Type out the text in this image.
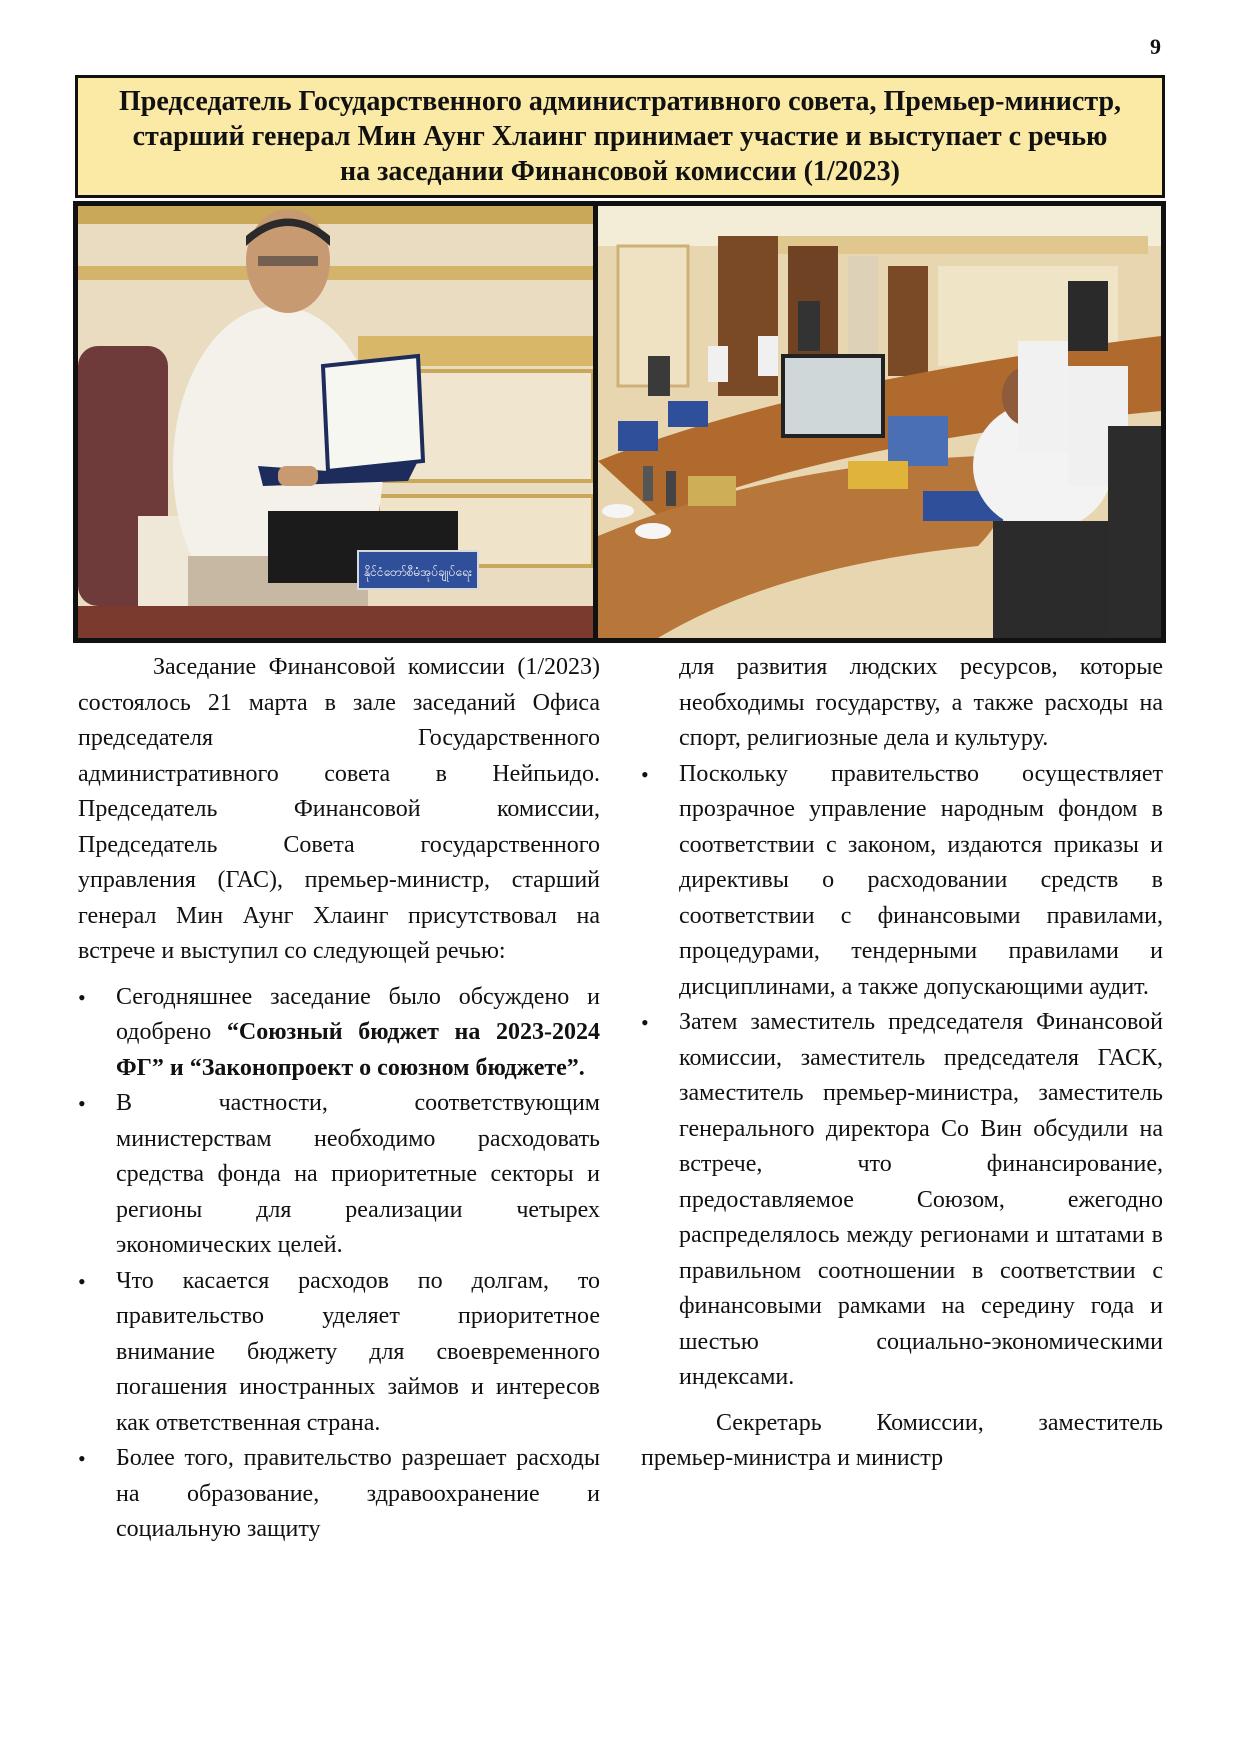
9
Председатель Государственного административного совета, Премьер-министр, старший генерал Мин Аунг Хлаинг принимает участие и выступает с речью на заседании Финансовой комиссии (1/2023)
နိုင်ငံတော်စီမံအုပ်ချုပ်ရေး

Заседание Финансовой комиссии (1/2023) состоялось 21 марта в зале заседаний Офиса председателя Государственного административного совета в Нейпьидо. Председатель Финансовой комиссии, Председатель Совета государственного управления (ГАС), премьер-министр, старший генерал Мин Аунг Хлаинг присутствовал на встрече и выступил со следующей речью:

• Сегодняшнее заседание было обсуждено и одобрено “Союзный бюджет на 2023-2024 ФГ” и “Законопроект о союзном бюджете”.
• В частности, соответствующим министерствам необходимо расходовать средства фонда на приоритетные секторы и регионы для реализации четырех экономических целей.
• Что касается расходов по долгам, то правительство уделяет приоритетное внимание бюджету для своевременного погашения иностранных займов и интересов как ответственная страна.
• Более того, правительство разрешает расходы на образование, здравоохранение и социальную защиту

для развития людских ресурсов, которые необходимы государству, а также расходы на спорт, религиозные дела и культуру.

• Поскольку правительство осуществляет прозрачное управление народным фондом в соответствии с законом, издаются приказы и директивы о расходовании средств в соответствии с финансовыми правилами, процедурами, тендерными правилами и дисциплинами, а также допускающими аудит.
• Затем заместитель председателя Финансовой комиссии, заместитель председателя ГАСК, заместитель премьер-министра, заместитель генерального директора Со Вин обсудили на встрече, что финансирование, предоставляемое Союзом, ежегодно распределялось между регионами и штатами в правильном соотношении в соответствии с финансовыми рамками на середину года и шестью социально-экономическими индексами.

Секретарь Комиссии, заместитель премьер-министра и министр
